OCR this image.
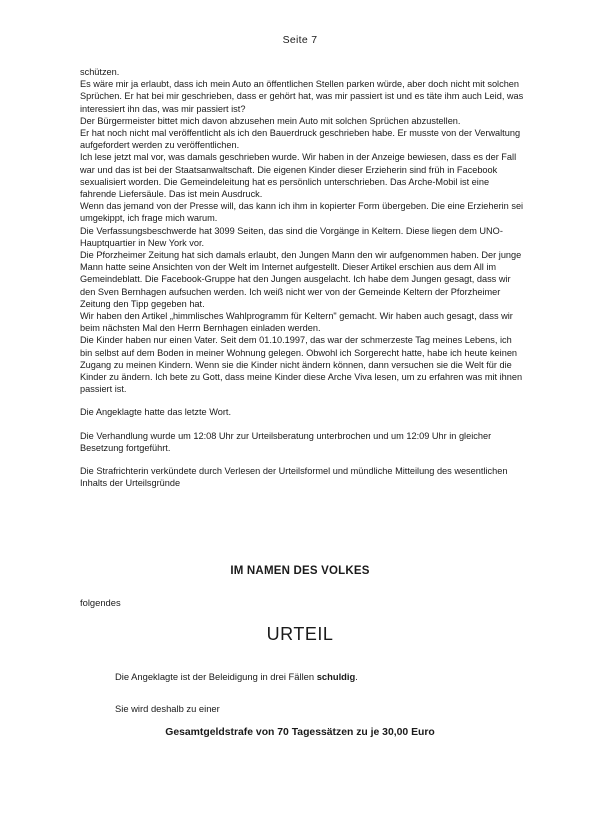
Seite 7

schützen.

Es wäre mir ja erlaubt, dass ich mein Auto an öffentlichen Stellen parken würde, aber doch nicht mit solchen Sprüchen. Er hat bei mir geschrieben, dass er gehört hat, was mir passiert ist und es täte ihm auch Leid, was interessiert ihn das, was mir passiert ist?

Der Bürgermeister bittet mich davon abzusehen mein Auto mit solchen Sprüchen abzustellen.

Er hat noch nicht mal veröffentlicht als ich den Bauerdruck geschrieben habe. Er musste von der Verwaltung aufgefordert werden zu veröffentlichen.

Ich lese jetzt mal vor, was damals geschrieben wurde. Wir haben in der Anzeige bewiesen, dass es der Fall war und das ist bei der Staatsanwaltschaft. Die eigenen Kinder dieser Erzieherin sind früh in Facebook sexualisiert worden. Die Gemeindeleitung hat es persönlich unterschrieben. Das Arche-Mobil ist eine fahrende Liefersäule. Das ist mein Ausdruck.

Wenn das jemand von der Presse will, das kann ich ihm in kopierter Form übergeben. Die eine Erzieherin sei umgekippt, ich frage mich warum.

Die Verfassungsbeschwerde hat 3099 Seiten, das sind die Vorgänge in Keltern. Diese liegen dem UNO-Hauptquartier in New York vor.

Die Pforzheimer Zeitung hat sich damals erlaubt, den Jungen Mann den wir aufgenommen haben. Der junge Mann hatte seine Ansichten von der Welt im Internet aufgestellt. Dieser Artikel erschien aus dem All im Gemeindeblatt. Die Facebook-Gruppe hat den Jungen ausgelacht. Ich habe dem Jungen gesagt, dass wir den Sven Bernhagen aufsuchen werden. Ich weiß nicht wer von der Gemeinde Keltern der Pforzheimer Zeitung den Tipp gegeben hat.

Wir haben den Artikel „himmlisches Wahlprogramm für Keltern" gemacht. Wir haben auch gesagt, dass wir beim nächsten Mal den Herrn Bernhagen einladen werden.

Die Kinder haben nur einen Vater. Seit dem 01.10.1997, das war der schmerzeste Tag meines Lebens, ich bin selbst auf dem Boden in meiner Wohnung gelegen. Obwohl ich Sorgerecht hatte, habe ich heute keinen Zugang zu meinen Kindern. Wenn sie die Kinder nicht ändern können, dann versuchen sie die Welt für die Kinder zu ändern. Ich bete zu Gott, dass meine Kinder diese Arche Viva lesen, um zu erfahren was mit ihnen passiert ist.

Die Angeklagte hatte das letzte Wort.

Die Verhandlung wurde um 12:08 Uhr zur Urteilsberatung unterbrochen und um 12:09 Uhr in gleicher Besetzung fortgeführt.

Die Strafrichterin verkündete durch Verlesen der Urteilsformel und mündliche Mitteilung des wesentlichen Inhalts der Urteilsgründe

IM NAMEN DES VOLKES
folgendes
URTEIL
Die Angeklagte ist der Beleidigung in drei Fällen schuldig.
Sie wird deshalb zu einer
Gesamtgeldstrafe von 70 Tagessätzen zu je 30,00 Euro
